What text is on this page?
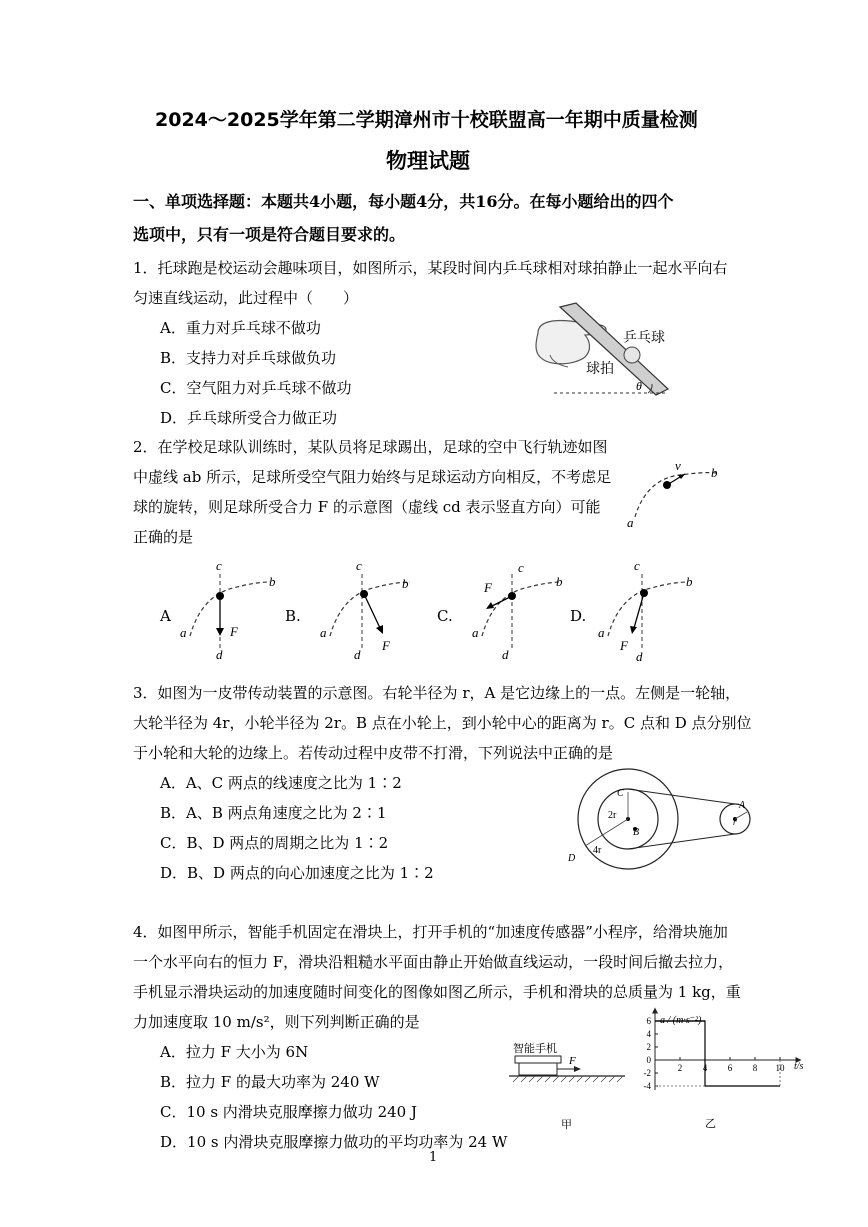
2024～2025学年第二学期漳州市十校联盟高一年期中质量检测
物理试题
一、单项选择题：本题共4小题，每小题4分，共16分。在每小题给出的四个
选项中，只有一项是符合题目要求的。
1．托球跑是校运动会趣味项目，如图所示，某段时间内乒乓球相对球拍静止一起水平向右
匀速直线运动，此过程中（　　）
A．重力对乒乓球不做功
B．支持力对乒乓球做负功
C．空气阻力对乒乓球不做功
D．乒乓球所受合力做正功
乒乓球
球拍
θ
2．在学校足球队训练时，某队员将足球踢出，足球的空中飞行轨迹如图
中虚线 ab 所示，足球所受空气阻力始终与足球运动方向相反，不考虑足
球的旋转，则足球所受合力 F 的示意图（虚线 cd 表示竖直方向）可能
正确的是
v b
a
A	B.	C.	D.
c
b
a	F
d
c
b
a
F
d
c
b
F
a
d
c
b
a
F
d
3．如图为一皮带传动装置的示意图。右轮半径为 r，A 是它边缘上的一点。左侧是一轮轴，
大轮半径为 4r，小轮半径为 2r。B 点在小轮上，到小轮中心的距离为 r。C 点和 D 点分别位
于小轮和大轮的边缘上。若传动过程中皮带不打滑，下列说法中正确的是
A．A、C 两点的线速度之比为 1∶2
B．A、B 两点角速度之比为 2∶1
C．B、D 两点的周期之比为 1∶2
D．B、D 两点的向心加速度之比为 1∶2
C
2r
B
D
4r
A
r
4．如图甲所示，智能手机固定在滑块上，打开手机的“加速度传感器”小程序，给滑块施加
一个水平向右的恒力 F，滑块沿粗糙水平面由静止开始做直线运动，一段时间后撤去拉力，
手机显示滑块运动的加速度随时间变化的图像如图乙所示，手机和滑块的总质量为 1 kg，重
力加速度取 10 m/s²，则下列判断正确的是
A．拉力 F 大小为 6N
B．拉力 F 的最大功率为 240 W
C．10 s 内滑块克服摩擦力做功 240 J
D．10 s 内滑块克服摩擦力做功的平均功率为 24 W
智能手机
F
甲
a / (m·s⁻²)
t/s
乙
6
4
2
0
-2
-4
2 4 6 8 10
1
